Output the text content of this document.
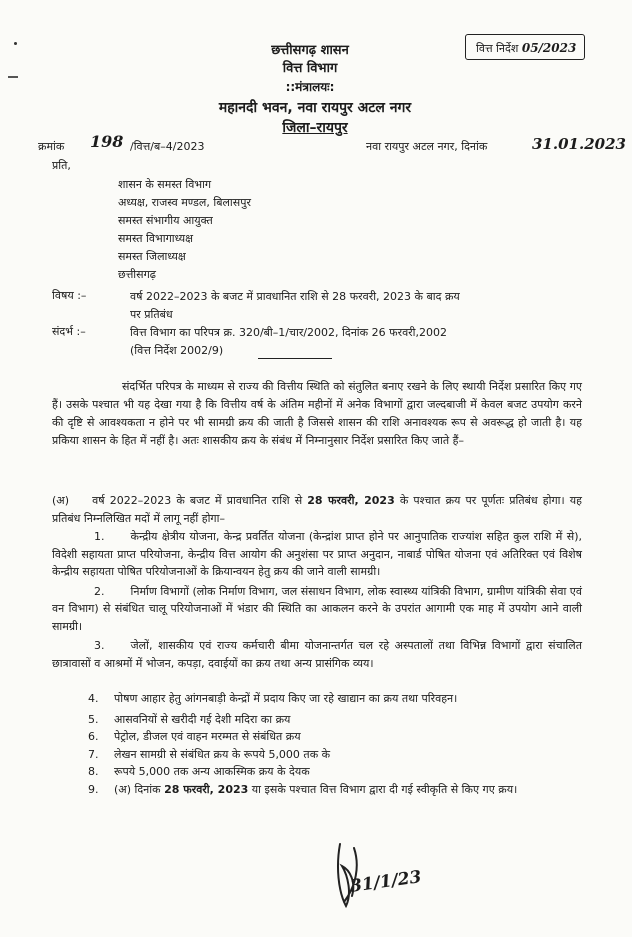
वित्त निर्देश 05/2023
छत्तीसगढ़ शासन
वित्त विभाग
::मंत्रालयः:
महानदी भवन, नवा रायपुर अटल नगर
जिला–रायपुर
क्रमांक 198 /वित्त/ब–4/2023	नवा रायपुर अटल नगर, दिनांक	31.01.2023
प्रति,
शासन के समस्त विभाग
अध्यक्ष, राजस्व मण्डल, बिलासपुर
समस्त संभागीय आयुक्त
समस्त विभागाध्यक्ष
समस्त जिलाध्यक्ष
छत्तीसगढ़
विषय :–	वर्ष 2022–2023 के बजट में प्रावधानित राशि से 28 फरवरी, 2023 के बाद क्रय
पर प्रतिबंध
संदर्भ :–	वित्त विभाग का परिपत्र क्र. 320/बी–1/चार/2002, दिनांक 26 फरवरी,2002
(वित्त निर्देश 2002/9)
संदर्भित परिपत्र के माध्यम से राज्य की वित्तीय स्थिति को संतुलित बनाए रखने के लिए स्थायी निर्देश प्रसारित किए गए हैं। उसके पश्चात भी यह देखा गया है कि वित्तीय वर्ष के अंतिम महीनों में अनेक विभागों द्वारा जल्दबाजी में केवल बजट उपयोग करने की दृष्टि से आवश्यकता न होने पर भी सामग्री क्रय की जाती है जिससे शासन की राशि अनावश्यक रूप से अवरूद्ध हो जाती है। यह प्रकिया शासन के हित में नहीं है। अतः शासकीय क्रय के संबंध में निम्नानुसार निर्देश प्रसारित किए जाते हैं–
(अ) वर्ष 2022–2023 के बजट में प्रावधानित राशि से 28 फरवरी, 2023 के पश्चात क्रय पर पूर्णतः प्रतिबंध होगा। यह प्रतिबंध निम्नलिखित मदों में लागू नहीं होगा–
1. केन्द्रीय क्षेत्रीय योजना, केन्द्र प्रवर्तित योजना (केन्द्रांश प्राप्त होने पर आनुपातिक राज्यांश सहित कुल राशि में से), विदेशी सहायता प्राप्त परियोजना, केन्द्रीय वित्त आयोग की अनुशंसा पर प्राप्त अनुदान, नाबार्ड पोषित योजना एवं अतिरिक्त एवं विशेष केन्द्रीय सहायता पोषित परियोजनाओं के क्रियान्वयन हेतु क्रय की जाने वाली सामग्री।
2. निर्माण विभागों (लोक निर्माण विभाग, जल संसाधन विभाग, लोक स्वास्थ्य यांत्रिकी विभाग, ग्रामीण यांत्रिकी सेवा एवं वन विभाग) से संबंधित चालू परियोजनाओं में भंडार की स्थिति का आकलन करने के उपरांत आगामी एक माह में उपयोग आने वाली सामग्री।
3. जेलों, शासकीय एवं राज्य कर्मचारी बीमा योजनान्तर्गत चल रहे अस्पतालों तथा विभिन्न विभागों द्वारा संचालित छात्रावासों व आश्रमों में भोजन, कपड़ा, दवाईयों का क्रय तथा अन्य प्रासंगिक व्यय।
4.	पोषण आहार हेतु आंगनबाड़ी केन्द्रों में प्रदाय किए जा रहे खाद्यान का क्रय तथा परिवहन।
5.	आसवनियों से खरीदी गई देशी मदिरा का क्रय
6.	पेट्रोल, डीजल एवं वाहन मरम्मत से संबंधित क्रय
7.	लेखन सामग्री से संबंधित क्रय के रूपये 5,000 तक के
8.	रूपये 5,000 तक अन्य आकस्मिक क्रय के देयक
9.	(अ) दिनांक 28 फरवरी, 2023 या इसके पश्चात वित्त विभाग द्वारा दी गई स्वीकृति से किए गए क्रय।
31/1/23
